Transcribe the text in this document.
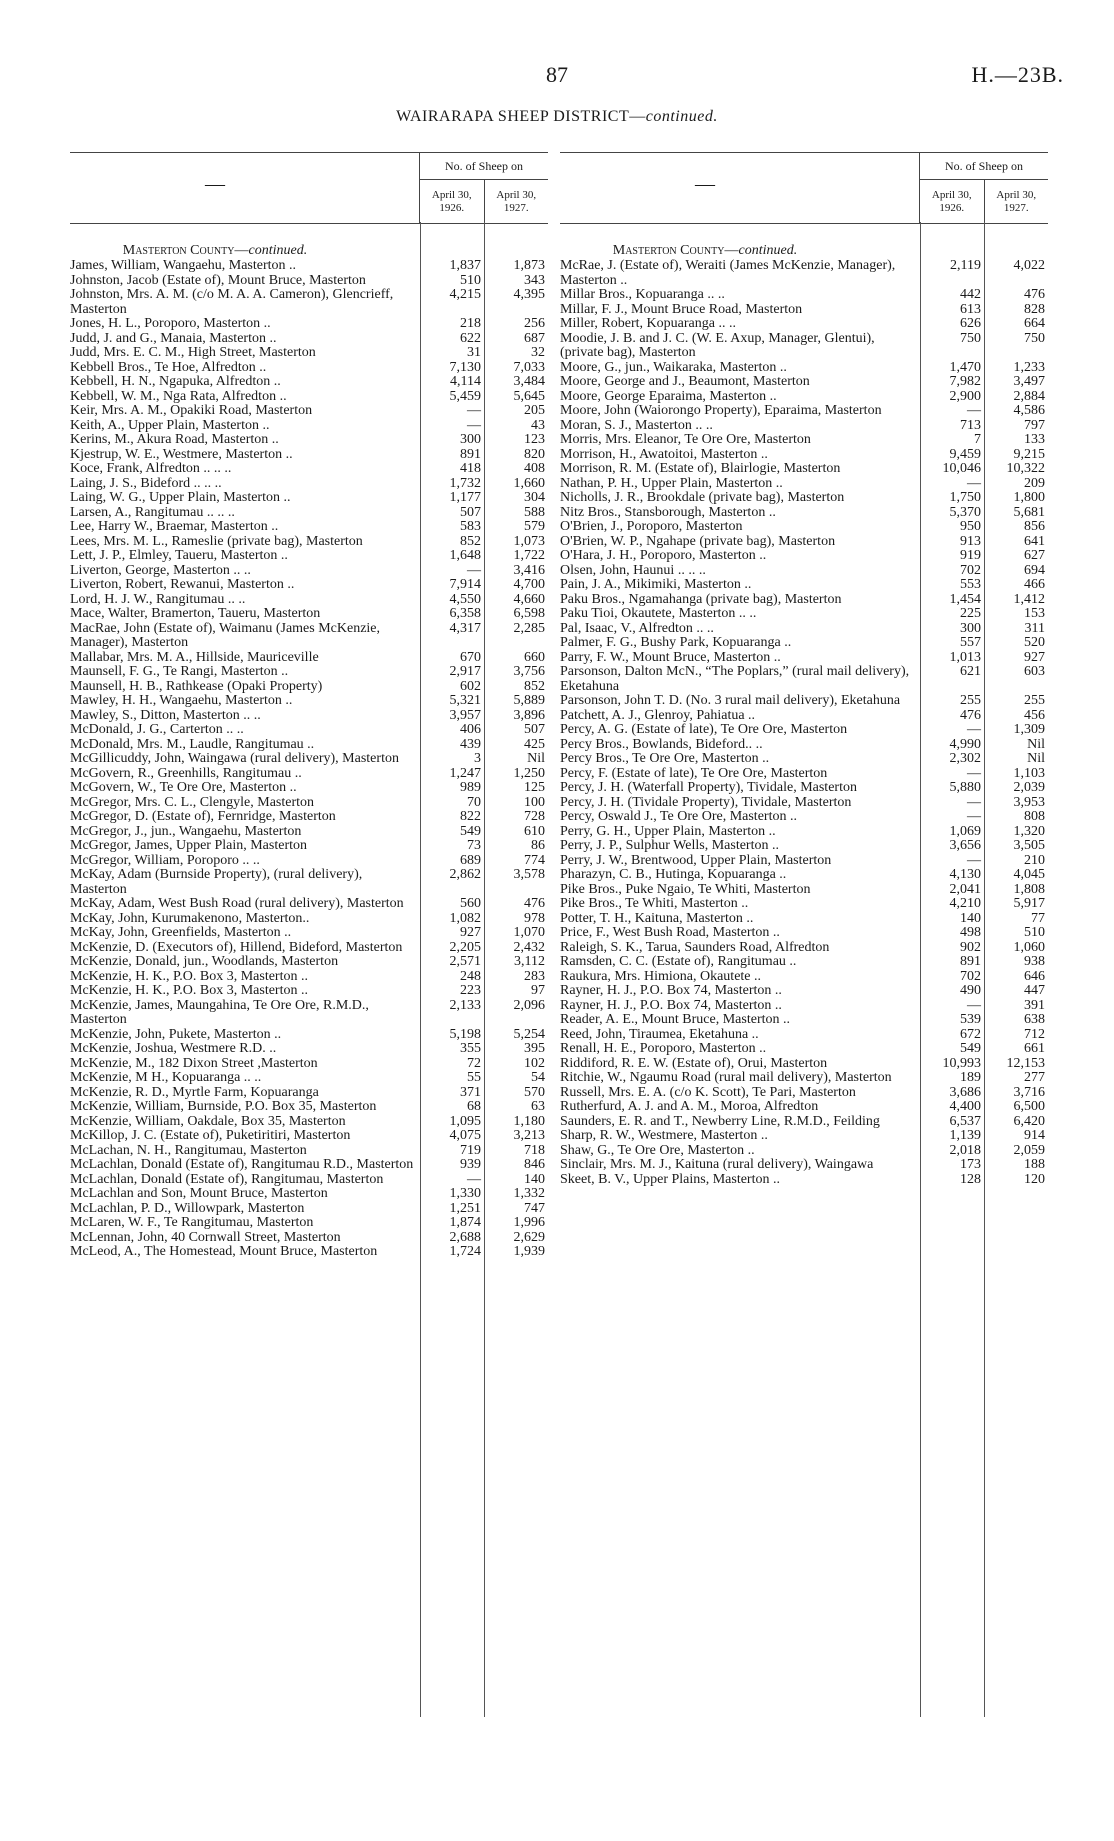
87	H.—23B.
WAIRARAPA SHEEP DISTRICT—continued.
—
No. of Sheep on
April 30, 1926.
April 30, 1927.
Masterton County—continued.
James, William, Wangaehu, Masterton ..	1,837	1,873
Johnston, Jacob (Estate of), Mount Bruce, Masterton	510	343
Johnston, Mrs. A. M. (c/o M. A. A. Cameron), Glencrieff, Masterton
4,215	4,395
Jones, H. L., Poroporo, Masterton ..	218	256
Judd, J. and G., Manaia, Masterton ..	622	687
Judd, Mrs. E. C. M., High Street, Masterton	31	32
Kebbell Bros., Te Hoe, Alfredton ..	7,130	7,033
Kebbell, H. N., Ngapuka, Alfredton ..	4,114	3,484
Kebbell, W. M., Nga Rata, Alfredton ..	5,459	5,645
Keir, Mrs. A. M., Opakiki Road, Masterton	—	205
Keith, A., Upper Plain, Masterton ..	—	43
Kerins, M., Akura Road, Masterton ..	300	123
Kjestrup, W. E., Westmere, Masterton ..	891	820
Koce, Frank, Alfredton .. .. ..	418	408
Laing, J. S., Bideford .. .. ..	1,732	1,660
Laing, W. G., Upper Plain, Masterton ..	1,177	304
Larsen, A., Rangitumau .. .. ..	507	588
Lee, Harry W., Braemar, Masterton ..	583	579
Lees, Mrs. M. L., Rameslie (private bag), Masterton	852	1,073
Lett, J. P., Elmley, Taueru, Masterton ..	1,648	1,722
Liverton, George, Masterton .. ..	—	3,416
Liverton, Robert, Rewanui, Masterton ..	7,914	4,700
Lord, H. J. W., Rangitumau .. ..	4,550	4,660
Mace, Walter, Bramerton, Taueru, Masterton	6,358	6,598
MacRae, John (Estate of), Waimanu (James McKenzie, Manager), Masterton
4,317	2,285
Mallabar, Mrs. M. A., Hillside, Mauriceville	670	660
Maunsell, F. G., Te Rangi, Masterton ..	2,917	3,756
Maunsell, H. B., Rathkease (Opaki Property)	602	852
Mawley, H. H., Wangaehu, Masterton ..	5,321	5,889
Mawley, S., Ditton, Masterton .. ..	3,957	3,896
McDonald, J. G., Carterton .. ..	406	507
McDonald, Mrs. M., Laudle, Rangitumau ..	439	425
McGillicuddy, John, Waingawa (rural delivery), Masterton	3	Nil
McGovern, R., Greenhills, Rangitumau ..	1,247	1,250
McGovern, W., Te Ore Ore, Masterton ..	989	125
McGregor, Mrs. C. L., Clengyle, Masterton	70	100
McGregor, D. (Estate of), Fernridge, Masterton	822	728
McGregor, J., jun., Wangaehu, Masterton	549	610
McGregor, James, Upper Plain, Masterton	73	86
McGregor, William, Poroporo .. ..	689	774
McKay, Adam (Burnside Property), (rural delivery), Masterton
2,862	3,578
McKay, Adam, West Bush Road (rural delivery), Masterton	560	476
McKay, John, Kurumakenono, Masterton..	1,082	978
McKay, John, Greenfields, Masterton ..	927	1,070
McKenzie, D. (Executors of), Hillend, Bideford, Masterton	2,205	2,432
McKenzie, Donald, jun., Woodlands, Masterton	2,571	3,112
McKenzie, H. K., P.O. Box 3, Masterton ..	248	283
McKenzie, H. K., P.O. Box 3, Masterton ..	223	97
McKenzie, James, Maungahina, Te Ore Ore, R.M.D., Masterton
2,133	2,096
McKenzie, John, Pukete, Masterton ..	5,198	5,254
McKenzie, Joshua, Westmere R.D. ..	355	395
McKenzie, M., 182 Dixon Street ,Masterton	72	102
McKenzie, M H., Kopuaranga .. ..	55	54
McKenzie, R. D., Myrtle Farm, Kopuaranga	371	570
McKenzie, William, Burnside, P.O. Box 35, Masterton	68	63
McKenzie, William, Oakdale, Box 35, Masterton	1,095	1,180
McKillop, J. C. (Estate of), Puketiritiri, Masterton	4,075	3,213
McLachan, N. H., Rangitumau, Masterton	719	718
McLachlan, Donald (Estate of), Rangitumau R.D., Masterton	939	846
McLachlan, Donald (Estate of), Rangitumau, Masterton	—	140
McLachlan and Son, Mount Bruce, Masterton	1,330	1,332
McLachlan, P. D., Willowpark, Masterton	1,251	747
McLaren, W. F., Te Rangitumau, Masterton	1,874	1,996
McLennan, John, 40 Cornwall Street, Masterton	2,688	2,629
McLeod, A., The Homestead, Mount Bruce, Masterton	1,724	1,939
—
No. of Sheep on
April 30, 1926.
April 30, 1927.
Masterton County—continued.
McRae, J. (Estate of), Weraiti (James McKenzie, Manager), Masterton ..
2,119	4,022
Millar Bros., Kopuaranga .. ..	442	476
Millar, F. J., Mount Bruce Road, Masterton	613	828
Miller, Robert, Kopuaranga .. ..	626	664
Moodie, J. B. and J. C. (W. E. Axup, Manager, Glentui), (private bag), Masterton
750	750
Moore, G., jun., Waikaraka, Masterton ..	1,470	1,233
Moore, George and J., Beaumont, Masterton	7,982	3,497
Moore, George Eparaima, Masterton ..	2,900	2,884
Moore, John (Waiorongo Property), Eparaima, Masterton	—	4,586
Moran, S. J., Masterton .. ..	713	797
Morris, Mrs. Eleanor, Te Ore Ore, Masterton	7	133
Morrison, H., Awatoitoi, Masterton ..	9,459	9,215
Morrison, R. M. (Estate of), Blairlogie, Masterton	10,046	10,322
Nathan, P. H., Upper Plain, Masterton ..	—	209
Nicholls, J. R., Brookdale (private bag), Masterton	1,750	1,800
Nitz Bros., Stansborough, Masterton ..	5,370	5,681
O'Brien, J., Poroporo, Masterton	950	856
O'Brien, W. P., Ngahape (private bag), Masterton	913	641
O'Hara, J. H., Poroporo, Masterton ..	919	627
Olsen, John, Haunui .. .. ..	702	694
Pain, J. A., Mikimiki, Masterton ..	553	466
Paku Bros., Ngamahanga (private bag), Masterton	1,454	1,412
Paku Tioi, Okautete, Masterton .. ..	225	153
Pal, Isaac, V., Alfredton .. ..	300	311
Palmer, F. G., Bushy Park, Kopuaranga ..	557	520
Parry, F. W., Mount Bruce, Masterton ..	1,013	927
Parsonson, Dalton McN., “The Poplars,” (rural mail delivery), Eketahuna
621	603
Parsonson, John T. D. (No. 3 rural mail delivery), Eketahuna	255	255
Patchett, A. J., Glenroy, Pahiatua ..	476	456
Percy, A. G. (Estate of late), Te Ore Ore, Masterton	—	1,309
Percy Bros., Bowlands, Bideford.. ..	4,990	Nil
Percy Bros., Te Ore Ore, Masterton ..	2,302	Nil
Percy, F. (Estate of late), Te Ore Ore, Masterton	—	1,103
Percy, J. H. (Waterfall Property), Tividale, Masterton	5,880	2,039
Percy, J. H. (Tividale Property), Tividale, Masterton	—	3,953
Percy, Oswald J., Te Ore Ore, Masterton ..	—	808
Perry, G. H., Upper Plain, Masterton ..	1,069	1,320
Perry, J. P., Sulphur Wells, Masterton ..	3,656	3,505
Perry, J. W., Brentwood, Upper Plain, Masterton	—	210
Pharazyn, C. B., Hutinga, Kopuaranga ..	4,130	4,045
Pike Bros., Puke Ngaio, Te Whiti, Masterton	2,041	1,808
Pike Bros., Te Whiti, Masterton ..	4,210	5,917
Potter, T. H., Kaituna, Masterton ..	140	77
Price, F., West Bush Road, Masterton ..	498	510
Raleigh, S. K., Tarua, Saunders Road, Alfredton	902	1,060
Ramsden, C. C. (Estate of), Rangitumau ..	891	938
Raukura, Mrs. Himiona, Okautete ..	702	646
Rayner, H. J., P.O. Box 74, Masterton ..	490	447
Rayner, H. J., P.O. Box 74, Masterton ..	—	391
Reader, A. E., Mount Bruce, Masterton ..	539	638
Reed, John, Tiraumea, Eketahuna ..	672	712
Renall, H. E., Poroporo, Masterton ..	549	661
Riddiford, R. E. W. (Estate of), Orui, Masterton	10,993	12,153
Ritchie, W., Ngaumu Road (rural mail delivery), Masterton	189	277
Russell, Mrs. E. A. (c/o K. Scott), Te Pari, Masterton	3,686	3,716
Rutherfurd, A. J. and A. M., Moroa, Alfredton	4,400	6,500
Saunders, E. R. and T., Newberry Line, R.M.D., Feilding	6,537	6,420
Sharp, R. W., Westmere, Masterton ..	1,139	914
Shaw, G., Te Ore Ore, Masterton ..	2,018	2,059
Sinclair, Mrs. M. J., Kaituna (rural delivery), Waingawa	173	188
Skeet, B. V., Upper Plains, Masterton ..	128	120
